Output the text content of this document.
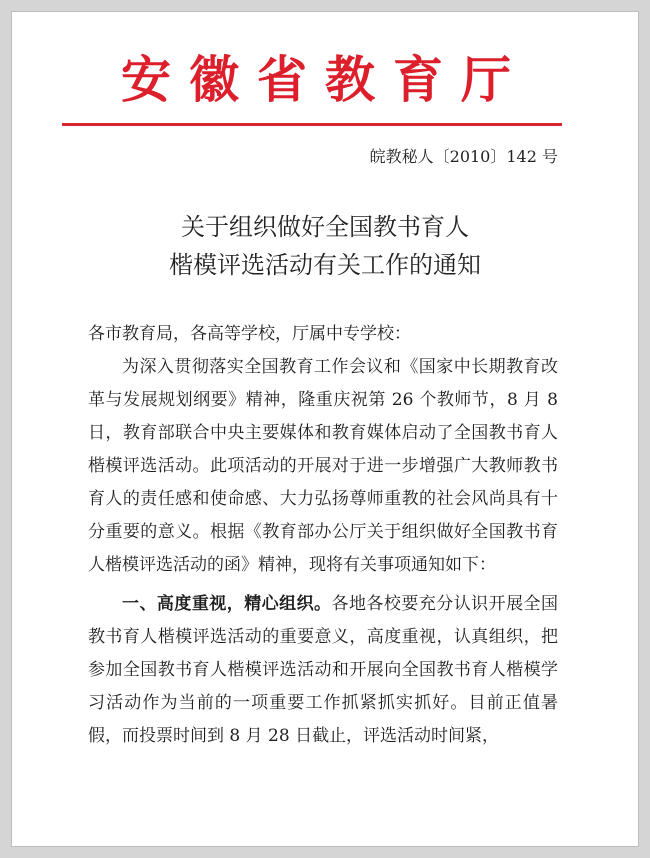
安徽省教育厅
皖教秘人〔2010〕142 号
关于组织做好全国教书育人
楷模评选活动有关工作的通知

各市教育局，各高等学校，厅属中专学校：

为深入贯彻落实全国教育工作会议和《国家中长期教育改革与发展规划纲要》精神，隆重庆祝第 26 个教师节，8 月 8 日，教育部联合中央主要媒体和教育媒体启动了全国教书育人楷模评选活动。此项活动的开展对于进一步增强广大教师教书育人的责任感和使命感、大力弘扬尊师重教的社会风尚具有十分重要的意义。根据《教育部办公厅关于组织做好全国教书育人楷模评选活动的函》精神，现将有关事项通知如下：

一、高度重视，精心组织。各地各校要充分认识开展全国教书育人楷模评选活动的重要意义，高度重视，认真组织，把参加全国教书育人楷模评选活动和开展向全国教书育人楷模学习活动作为当前的一项重要工作抓紧抓实抓好。目前正值暑假，而投票时间到 8 月 28 日截止，评选活动时间紧，
